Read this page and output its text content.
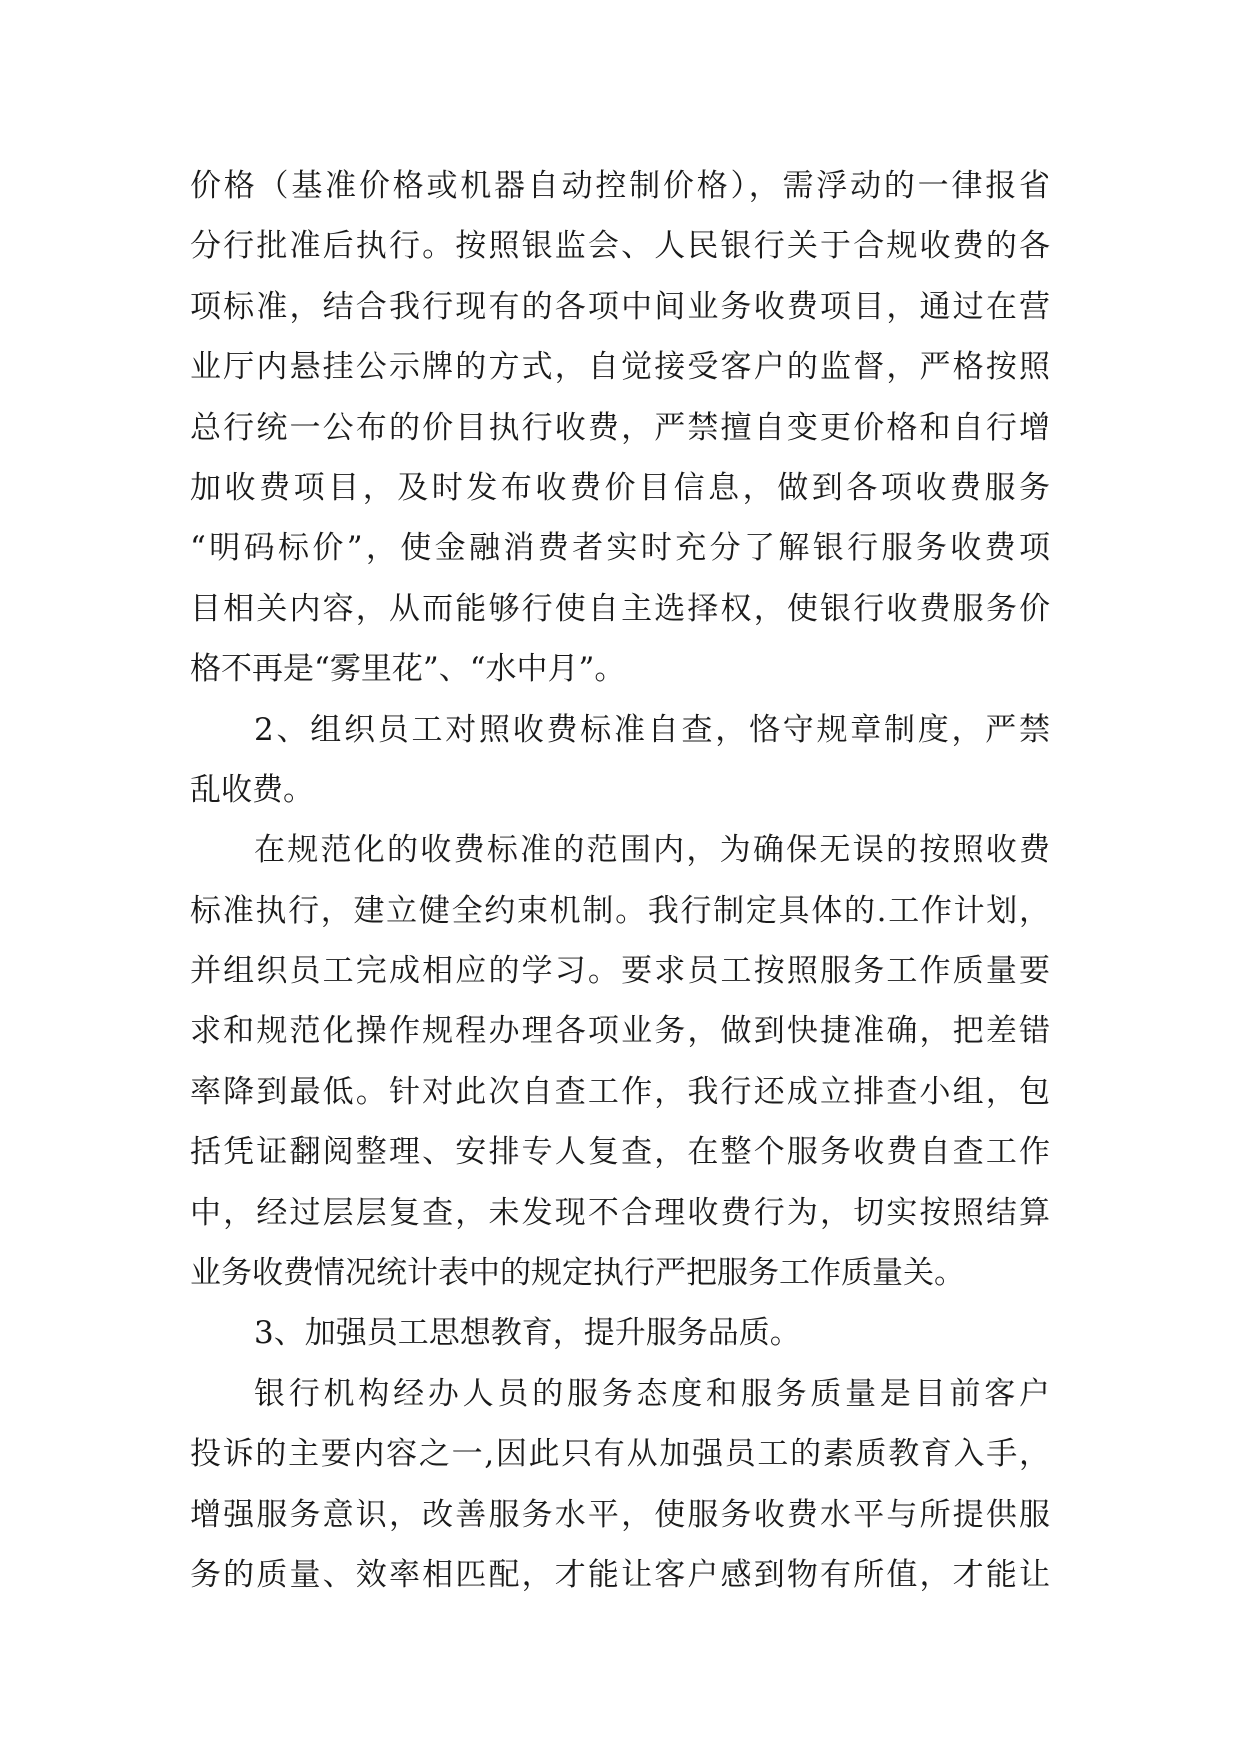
价格（基准价格或机器自动控制价格），需浮动的一律报省
分行批准后执行。按照银监会、人民银行关于合规收费的各
项标准，结合我行现有的各项中间业务收费项目，通过在营
业厅内悬挂公示牌的方式，自觉接受客户的监督，严格按照
总行统一公布的价目执行收费，严禁擅自变更价格和自行增
加收费项目，及时发布收费价目信息，做到各项收费服务
“明码标价”，使金融消费者实时充分了解银行服务收费项
目相关内容，从而能够行使自主选择权，使银行收费服务价
格不再是“雾里花”、“水中月”。
2、组织员工对照收费标准自查，恪守规章制度，严禁
乱收费。
在规范化的收费标准的范围内，为确保无误的按照收费
标准执行，建立健全约束机制。我行制定具体的.工作计划，
并组织员工完成相应的学习。要求员工按照服务工作质量要
求和规范化操作规程办理各项业务，做到快捷准确，把差错
率降到最低。针对此次自查工作，我行还成立排查小组，包
括凭证翻阅整理、安排专人复查，在整个服务收费自查工作
中，经过层层复查，未发现不合理收费行为，切实按照结算
业务收费情况统计表中的规定执行严把服务工作质量关。
3、加强员工思想教育，提升服务品质。
银行机构经办人员的服务态度和服务质量是目前客户
投诉的主要内容之一,因此只有从加强员工的素质教育入手，
增强服务意识，改善服务水平，使服务收费水平与所提供服
务的质量、效率相匹配，才能让客户感到物有所值，才能让
